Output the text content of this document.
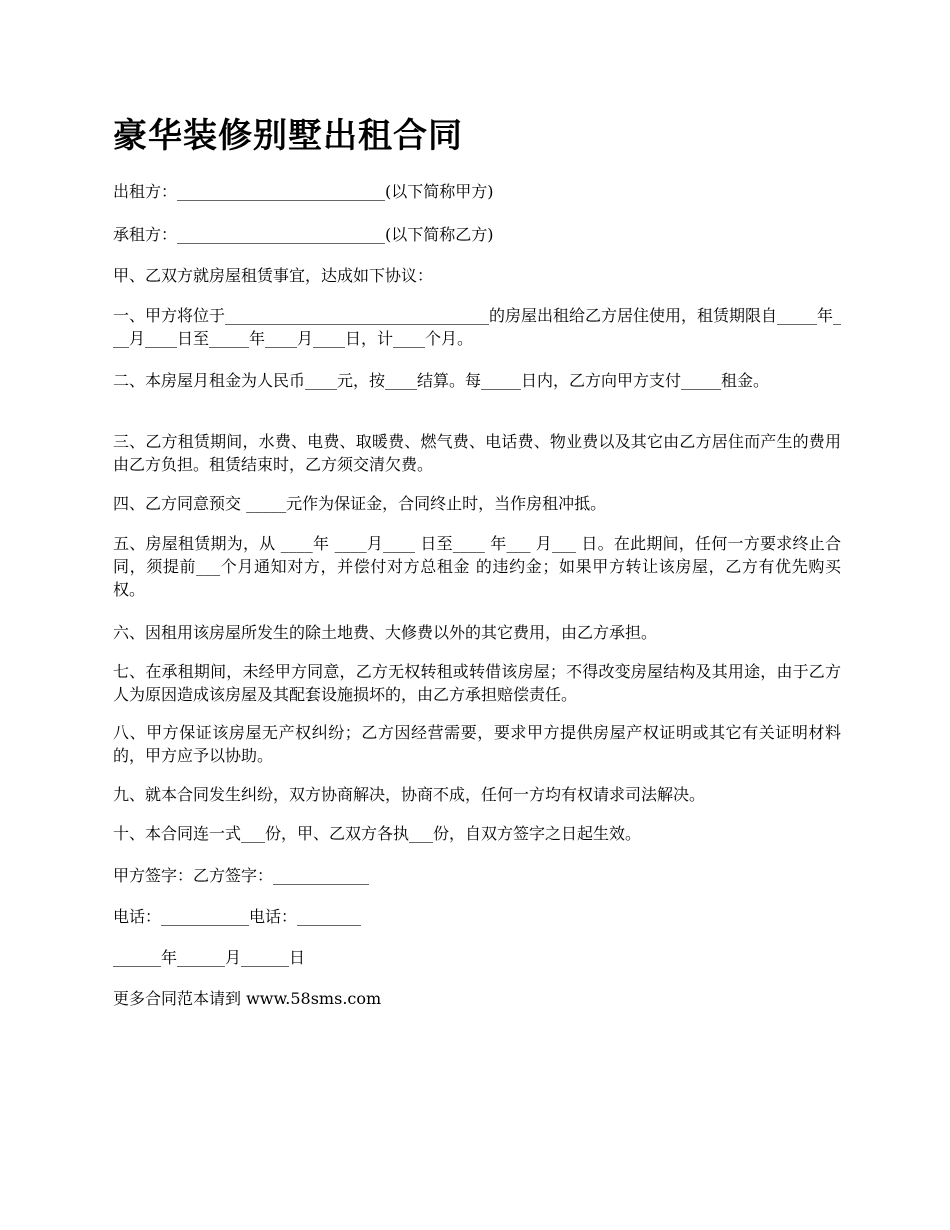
豪华装修别墅出租合同

出租方：__________________________(以下简称甲方)

承租方：__________________________(以下简称乙方)

甲、乙双方就房屋租赁事宜，达成如下协议：

一、甲方将位于_________________________________的房屋出租给乙方居住使用，租赁期限自_____年___月____日至_____年____月____日，计____个月。

二、本房屋月租金为人民币____元，按____结算。每_____日内，乙方向甲方支付_____租金。

三、乙方租赁期间，水费、电费、取暖费、燃气费、电话费、物业费以及其它由乙方居住而产生的费用由乙方负担。租赁结束时，乙方须交清欠费。

四、乙方同意预交 _____元作为保证金，合同终止时，当作房租冲抵。

五、房屋租赁期为，从 ____年 ____月____ 日至____ 年___ 月___ 日。在此期间，任何一方要求终止合同，须提前___个月通知对方，并偿付对方总租金 的违约金；如果甲方转让该房屋，乙方有优先购买权。

六、因租用该房屋所发生的除土地费、大修费以外的其它费用，由乙方承担。

七、在承租期间，未经甲方同意，乙方无权转租或转借该房屋；不得改变房屋结构及其用途，由于乙方人为原因造成该房屋及其配套设施损坏的，由乙方承担赔偿责任。

八、甲方保证该房屋无产权纠纷；乙方因经营需要，要求甲方提供房屋产权证明或其它有关证明材料的，甲方应予以协助。

九、就本合同发生纠纷，双方协商解决，协商不成，任何一方均有权请求司法解决。

十、本合同连一式___份，甲、乙双方各执___份，自双方签字之日起生效。

甲方签字：乙方签字：____________

电话：___________电话：________

______年______月______日

更多合同范本请到 www.58sms.com
